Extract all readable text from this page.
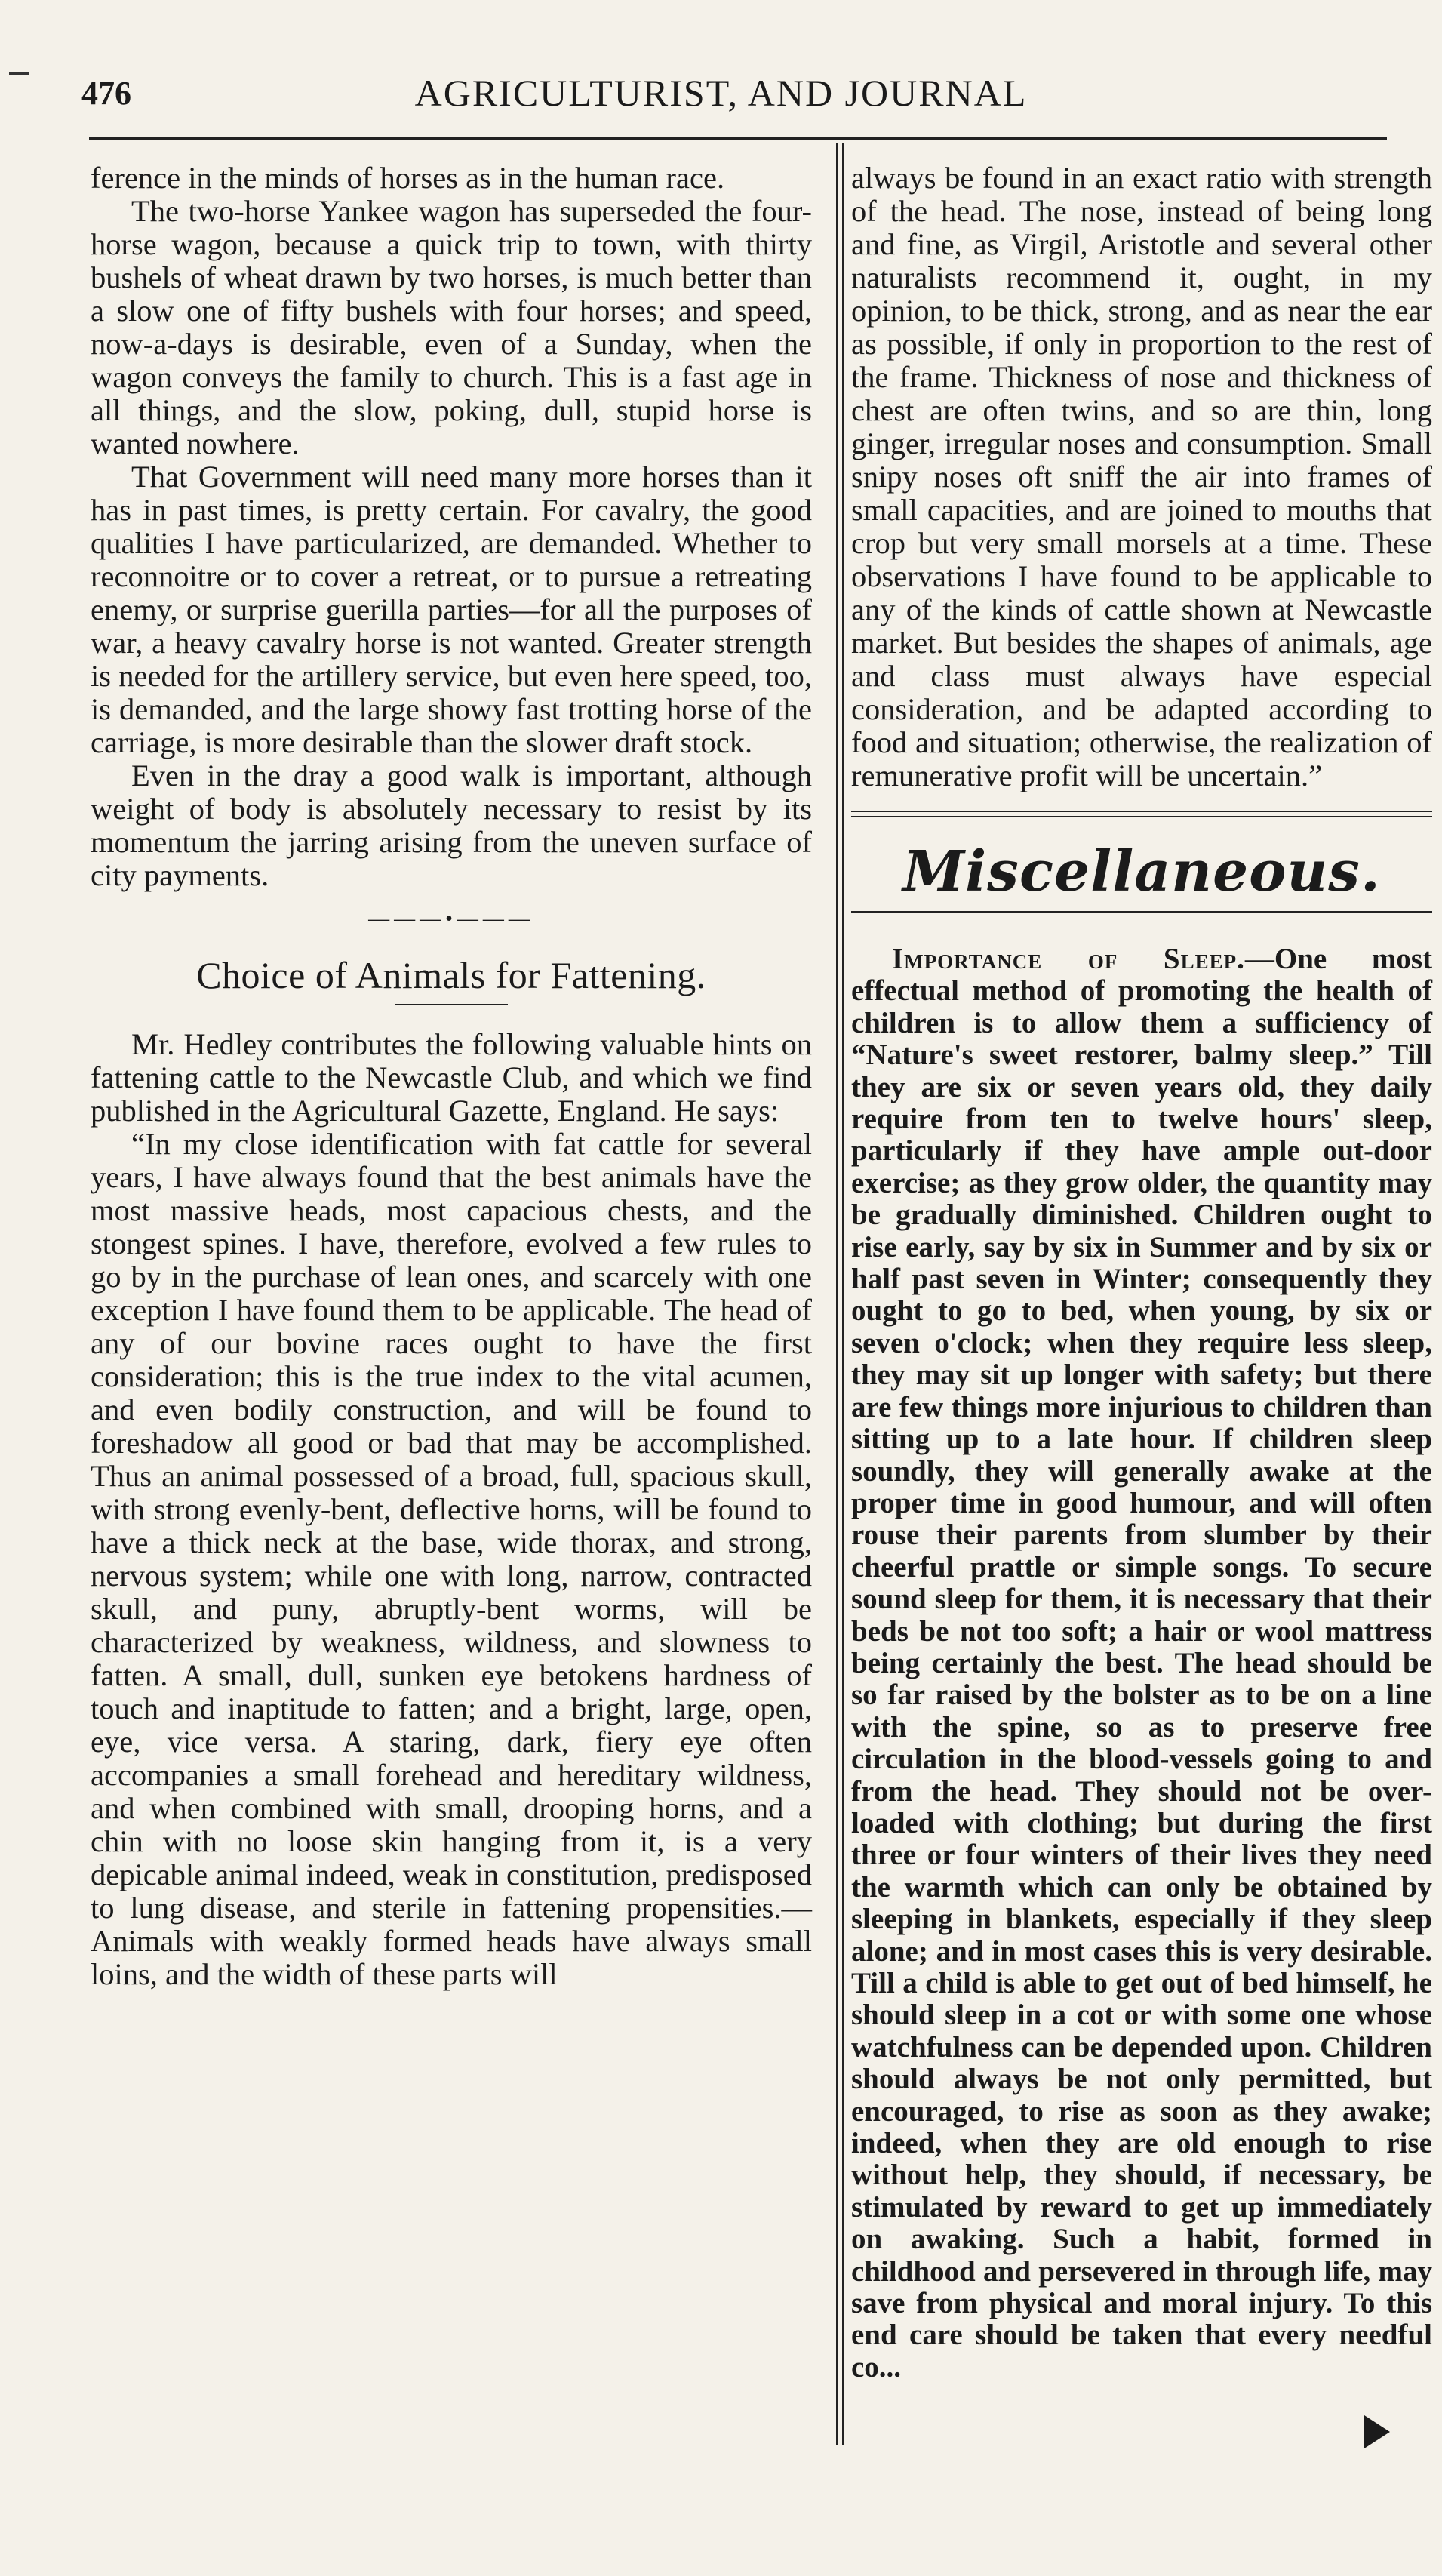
476	AGRICULTURIST, AND JOURNAL

ference in the minds of horses as in the human race.

The two-horse Yankee wagon has superseded the four-horse wagon, because a quick trip to town, with thirty bushels of wheat drawn by two horses, is much better than a slow one of fifty bushels with four horses; and speed, now-a-days is desirable, even of a Sunday, when the wagon conveys the family to church. This is a fast age in all things, and the slow, poking, dull, stupid horse is wanted nowhere.

That Government will need many more horses than it has in past times, is pretty certain. For cavalry, the good qualities I have particularized, are demanded. Whether to reconnoitre or to cover a retreat, or to pursue a retreating enemy, or surprise guerilla parties—for all the purposes of war, a heavy cavalry horse is not wanted. Greater strength is needed for the artillery service, but even here speed, too, is demanded, and the large showy fast trotting horse of the carriage, is more desirable than the slower draft stock.

Even in the dray a good walk is important, although weight of body is absolutely necessary to resist by its momentum the jarring arising from the uneven surface of city payments.

———•———
Choice of Animals for Fattening.

Mr. Hedley contributes the following valuable hints on fattening cattle to the Newcastle Club, and which we find published in the Agricultural Gazette, England. He says:

“In my close identification with fat cattle for several years, I have always found that the best animals have the most massive heads, most capacious chests, and the stongest spines. I have, therefore, evolved a few rules to go by in the purchase of lean ones, and scarcely with one exception I have found them to be applicable. The head of any of our bovine races ought to have the first consideration; this is the true index to the vital acumen, and even bodily construction, and will be found to foreshadow all good or bad that may be accomplished. Thus an animal possessed of a broad, full, spacious skull, with strong evenly-bent, deflective horns, will be found to have a thick neck at the base, wide thorax, and strong, nervous system; while one with long, narrow, contracted skull, and puny, abruptly-bent worms, will be characterized by weakness, wildness, and slowness to fatten. A small, dull, sunken eye betokens hardness of touch and inaptitude to fatten; and a bright, large, open, eye, vice versa. A staring, dark, fiery eye often accompanies a small forehead and hereditary wildness, and when combined with small, drooping horns, and a chin with no loose skin hanging from it, is a very depicable animal indeed, weak in constitution, predisposed to lung disease, and sterile in fattening propensities.—Animals with weakly formed heads have always small loins, and the width of these parts will

always be found in an exact ratio with strength of the head. The nose, instead of being long and fine, as Virgil, Aristotle and several other naturalists recommend it, ought, in my opinion, to be thick, strong, and as near the ear as possible, if only in proportion to the rest of the frame. Thickness of nose and thickness of chest are often twins, and so are thin, long ginger, irregular noses and consumption. Small snipy noses oft sniff the air into frames of small capacities, and are joined to mouths that crop but very small morsels at a time. These observations I have found to be applicable to any of the kinds of cattle shown at Newcastle market. But besides the shapes of animals, age and class must always have especial consideration, and be adapted according to food and situation; otherwise, the realization of remunerative profit will be uncertain.”

Miscellaneous.

Importance of Sleep.—One most effectual method of promoting the health of children is to allow them a sufficiency of “Nature's sweet restorer, balmy sleep.” Till they are six or seven years old, they daily require from ten to twelve hours' sleep, particularly if they have ample out-door exercise; as they grow older, the quantity may be gradually diminished. Children ought to rise early, say by six in Summer and by six or half past seven in Winter; consequently they ought to go to bed, when young, by six or seven o'clock; when they require less sleep, they may sit up longer with safety; but there are few things more injurious to children than sitting up to a late hour. If children sleep soundly, they will generally awake at the proper time in good humour, and will often rouse their parents from slumber by their cheerful prattle or simple songs. To secure sound sleep for them, it is necessary that their beds be not too soft; a hair or wool mattress being certainly the best. The head should be so far raised by the bolster as to be on a line with the spine, so as to preserve free circulation in the blood-vessels going to and from the head. They should not be over-loaded with clothing; but during the first three or four winters of their lives they need the warmth which can only be obtained by sleeping in blankets, especially if they sleep alone; and in most cases this is very desirable. Till a child is able to get out of bed himself, he should sleep in a cot or with some one whose watchfulness can be depended upon. Children should always be not only permitted, but encouraged, to rise as soon as they awake; indeed, when they are old enough to rise without help, they should, if necessary, be stimulated by reward to get up immediately on awaking. Such a habit, formed in childhood and persevered in through life, may save from physical and moral injury. To this end care should be taken that every needful co...
